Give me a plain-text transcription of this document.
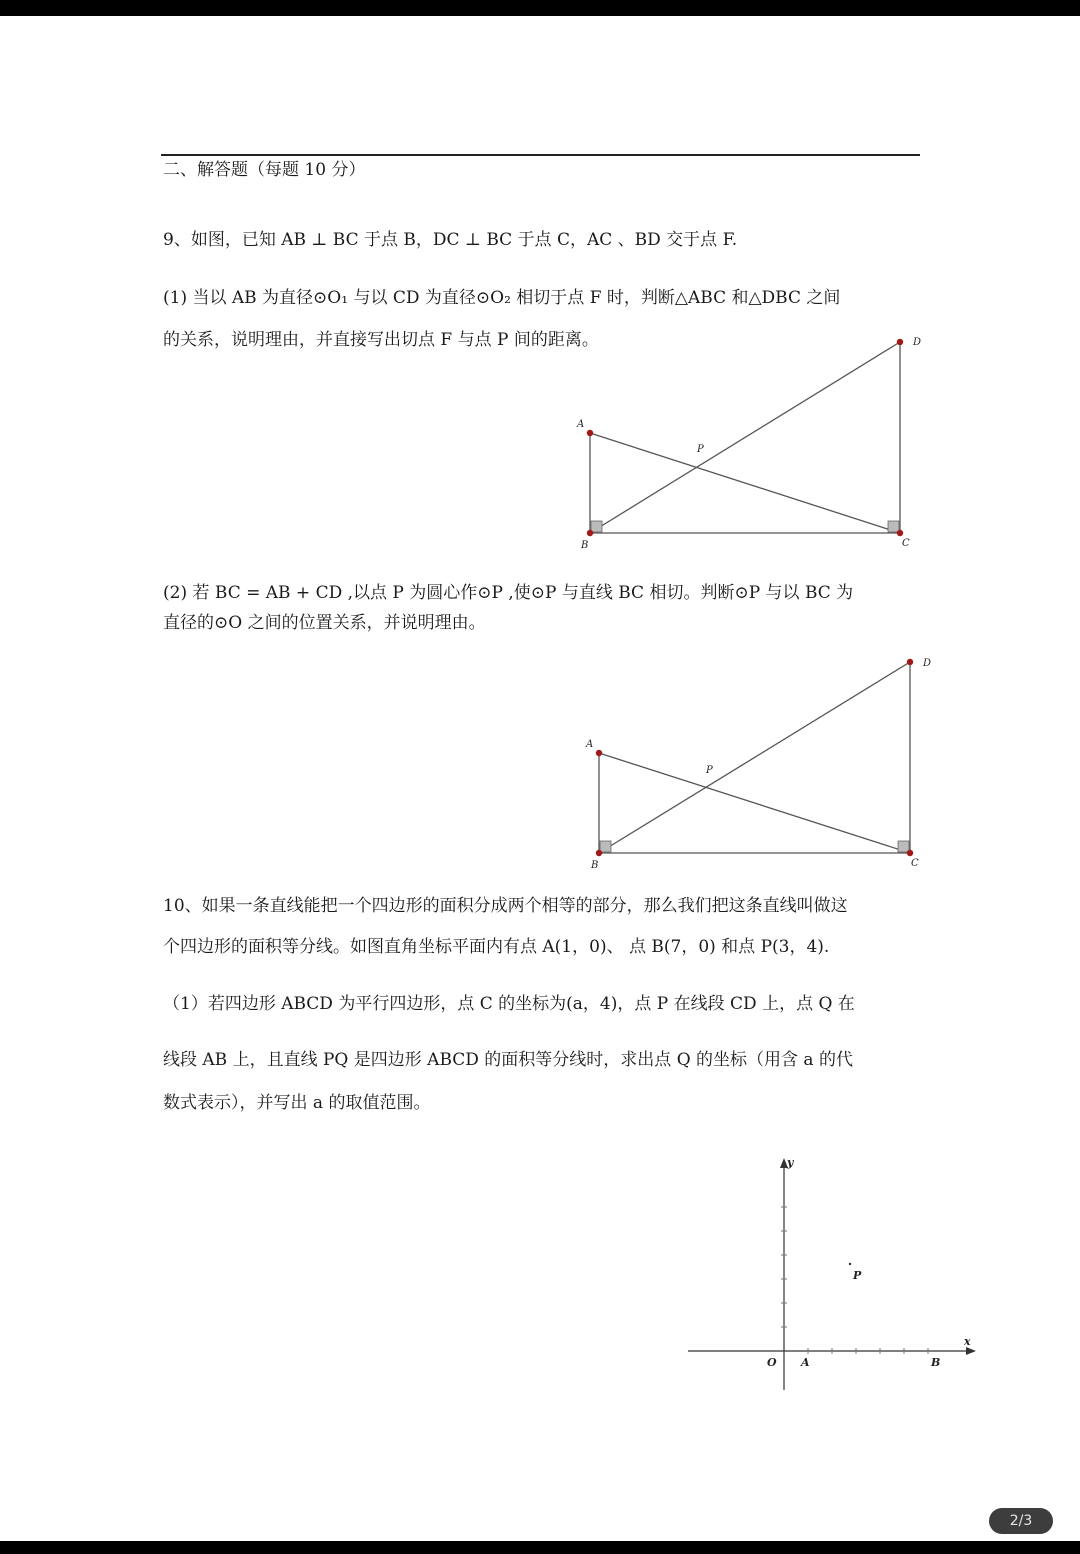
二、解答题（每题 10 分）
9、如图，已知 AB ⊥ BC 于点 B，DC ⊥ BC 于点 C，AC 、BD 交于点 F.
(1) 当以 AB 为直径⊙O₁ 与以 CD 为直径⊙O₂ 相切于点 F 时，判断△ABC 和△DBC 之间
的关系，说明理由，并直接写出切点 F 与点 P 间的距离。
A
B	C
D
P
(2) 若 BC = AB + CD ,以点 P 为圆心作⊙P ,使⊙P 与直线 BC 相切。判断⊙P 与以 BC 为
直径的⊙O 之间的位置关系，并说明理由。
A
B	C
D
P
10、如果一条直线能把一个四边形的面积分成两个相等的部分，那么我们把这条直线叫做这
个四边形的面积等分线。如图直角坐标平面内有点 A(1，0)、 点 B(7，0) 和点 P(3，4).
（1）若四边形 ABCD 为平行四边形，点 C 的坐标为(a，4)，点 P 在线段 CD 上，点 Q 在
线段 AB 上，且直线 PQ 是四边形 ABCD 的面积等分线时，求出点 Q 的坐标（用含 a 的代
数式表示），并写出 a 的取值范围。
x
y
O A	B
P
2/3
